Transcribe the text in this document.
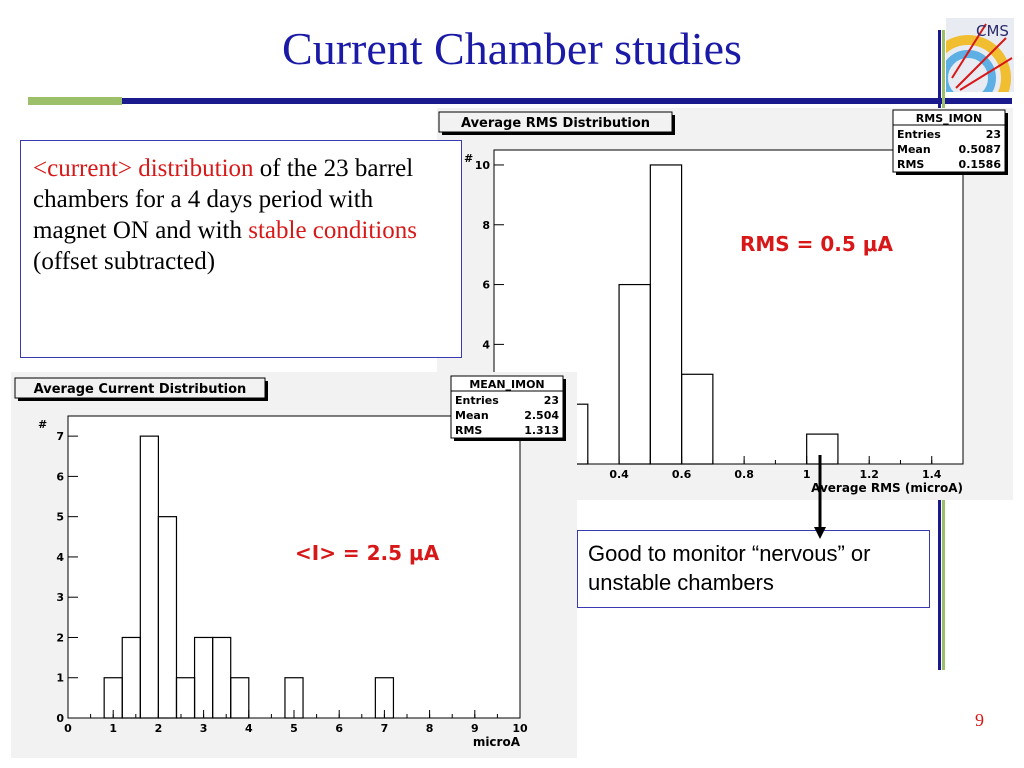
Current Chamber studies	CMS
Average RMS Distribution
#
0.4	0.6	0.8	1	1.2	1.4
4
6
8
10
Average RMS (microA)
RMS = 0.5 μA
RMS_IMON
Entries	23
Mean	0.5087
RMS	0.1586
Average Current Distribution
#
0	1	2	3	4	5	6	7	8	9	10
0
1
2
3
4
5
6
7
microA
<I> = 2.5 μA
MEAN_IMON
Entries	23
Mean	2.504
RMS	1.313
<current> distribution of the 23 barrel chambers for a 4 days period with magnet ON and with stable conditions (offset subtracted)
Good to monitor “nervous” or unstable chambers
9
